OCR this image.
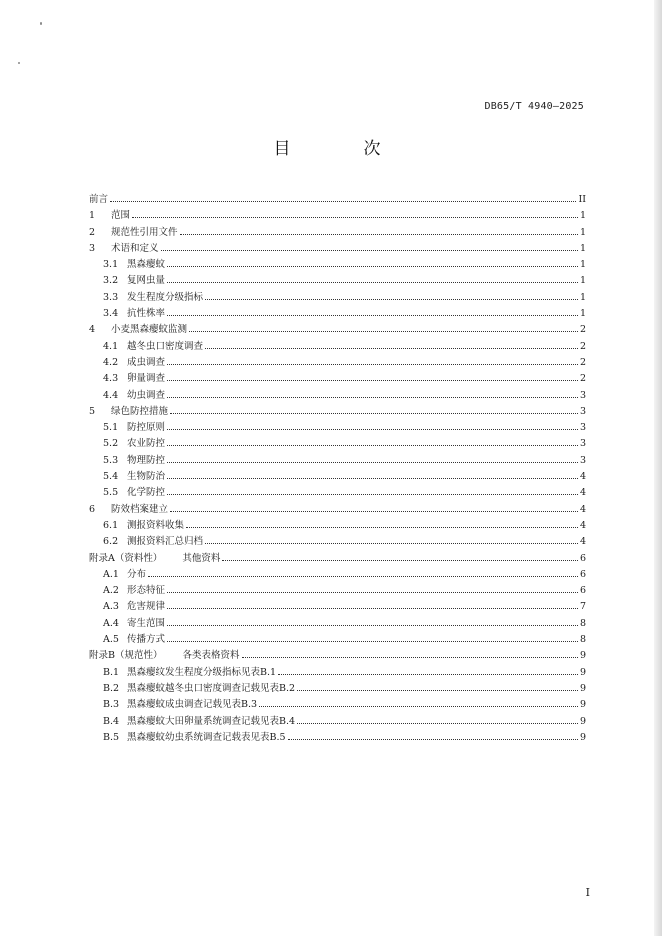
DB65/T 4940—2025
目　次
前言	II
1	范围	1
2	规范性引用文件	1
3	术语和定义	1
3.1 黑森瘿蚊	1
3.2 复网虫量	1
3.3 发生程度分级指标	1
3.4 抗性株率	1
4	小麦黑森瘿蚊监测	2
4.1 越冬虫口密度调查	2
4.2 成虫调查	2
4.3 卵量调查	2
4.4 幼虫调查	3
5	绿色防控措施	3
5.1 防控原则	3
5.2 农业防控	3
5.3 物理防控	3
5.4 生物防治	4
5.5 化学防控	4
6	防效档案建立	4
6.1 测报资料收集	4
6.2 测报资料汇总归档	4
附录A（资料性） 其他资料	6
A.1 分布	6
A.2 形态特征	6
A.3 危害规律	7
A.4 寄生范围	8
A.5 传播方式	8
附录B（规范性） 各类表格资料	9
B.1 黑森瘿纹发生程度分级指标见表B.1	9
B.2 黑森瘿蚊越冬虫口密度调查记载见表B.2	9
B.3 黑森瘿蚊成虫调查记载见表B.3	9
B.4 黑森瘿蚊大田卵量系统调查记载见表B.4	9
B.5 黑森瘿蚊幼虫系统调查记载表见表B.5	9
I
